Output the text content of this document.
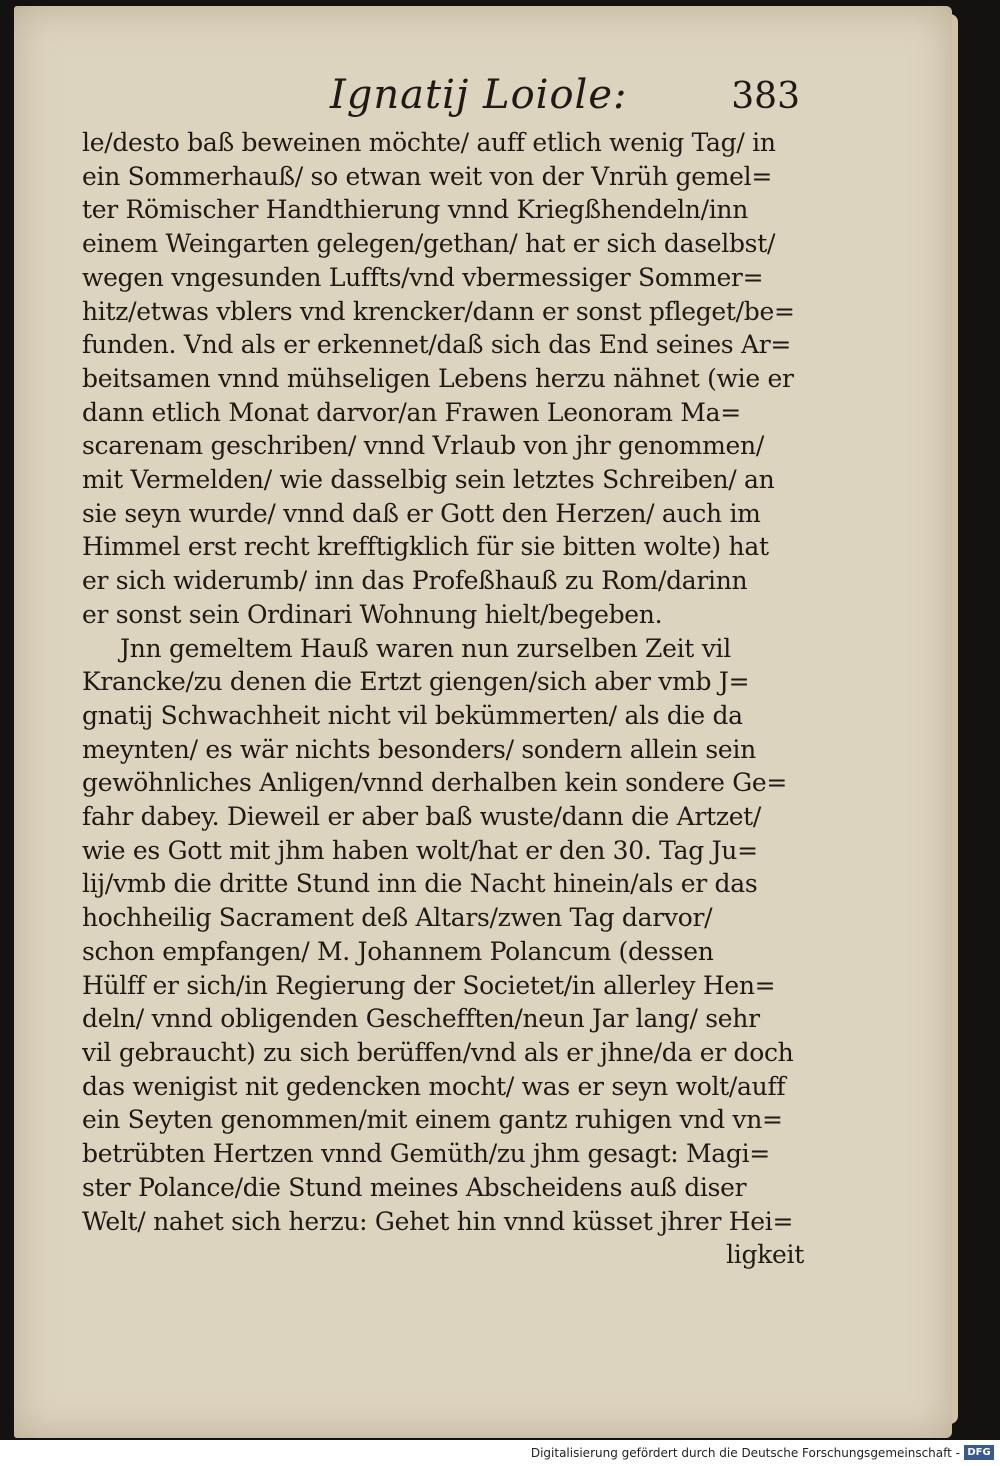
Ignatij Loiole:	383
le/desto baß beweinen möchte/ auff etlich wenig Tag/ in
ein Sommerhauß/ so etwan weit von der Vnrüh gemel=
ter Römischer Handthierung vnnd Kriegßhendeln/inn
einem Weingarten gelegen/gethan/ hat er sich daselbst/
wegen vngesunden Luffts/vnd vbermessiger Sommer=
hitz/etwas vblers vnd krencker/dann er sonst pfleget/be=
funden. Vnd als er erkennet/daß sich das End seines Ar=
beitsamen vnnd mühseligen Lebens herzu nähnet (wie er
dann etlich Monat darvor/an Frawen Leonoram Ma=
scarenam geschriben/ vnnd Vrlaub von jhr genommen/
mit Vermelden/ wie dasselbig sein letztes Schreiben/ an
sie seyn wurde/ vnnd daß er Gott den Herzen/ auch im
Himmel erst recht krefftigklich für sie bitten wolte) hat
er sich widerumb/ inn das Profeßhauß zu Rom/darinn
er sonst sein Ordinari Wohnung hielt/begeben.
Jnn gemeltem Hauß waren nun zurselben Zeit vil
Krancke/zu denen die Ertzt giengen/sich aber vmb J=
gnatij Schwachheit nicht vil bekümmerten/ als die da
meynten/ es wär nichts besonders/ sondern allein sein
gewöhnliches Anligen/vnnd derhalben kein sondere Ge=
fahr dabey. Dieweil er aber baß wuste/dann die Artzet/
wie es Gott mit jhm haben wolt/hat er den 30. Tag Ju=
lij/vmb die dritte Stund inn die Nacht hinein/als er das
hochheilig Sacrament deß Altars/zwen Tag darvor/
schon empfangen/ M. Johannem Polancum (dessen
Hülff er sich/in Regierung der Societet/in allerley Hen=
deln/ vnnd obligenden Geschefften/neun Jar lang/ sehr
vil gebraucht) zu sich berüffen/vnd als er jhne/da er doch
das wenigist nit gedencken mocht/ was er seyn wolt/auff
ein Seyten genommen/mit einem gantz ruhigen vnd vn=
betrübten Hertzen vnnd Gemüth/zu jhm gesagt: Magi=
ster Polance/die Stund meines Abscheidens auß diser
Welt/ nahet sich herzu: Gehet hin vnnd küsset jhrer Hei=
ligkeit
Digitalisierung gefördert durch die Deutsche Forschungsgemeinschaft - DFG
